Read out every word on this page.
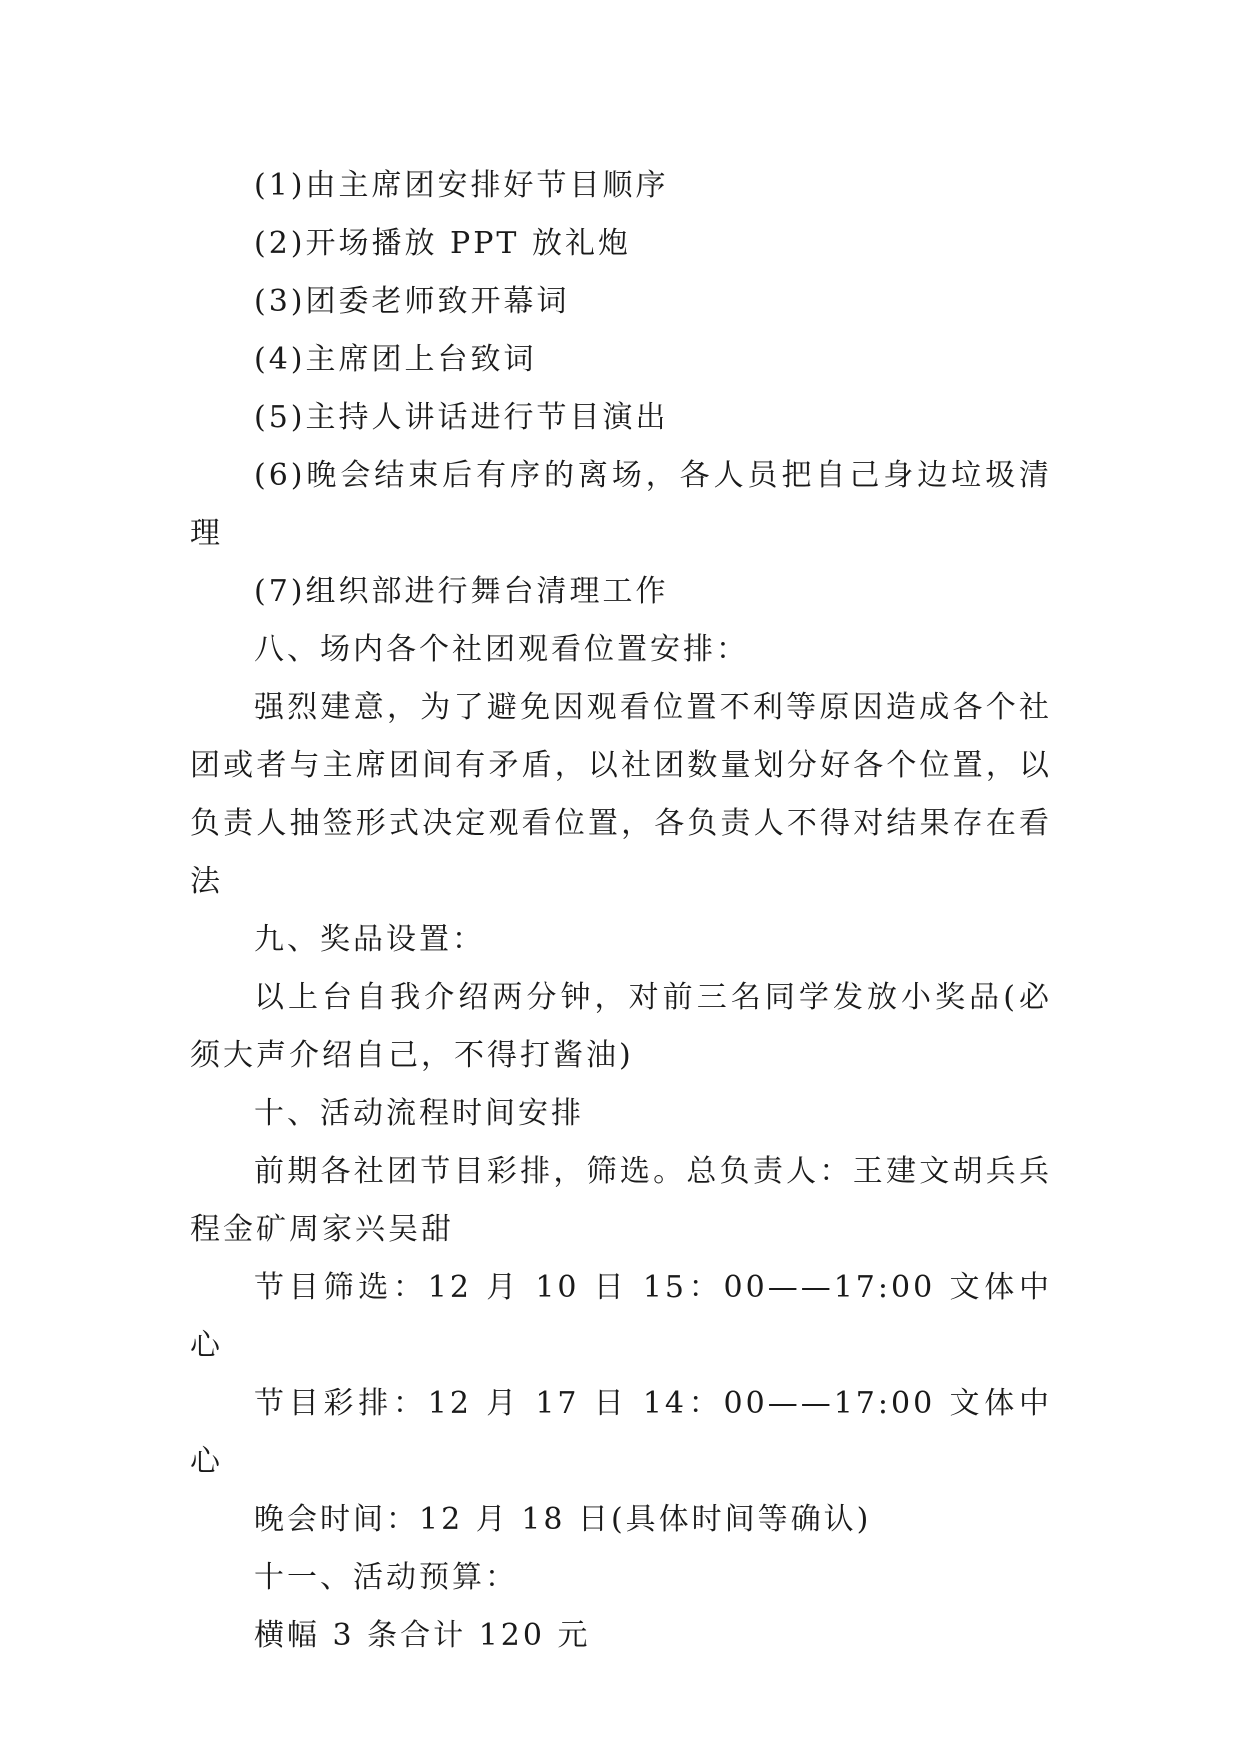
(1)由主席团安排好节目顺序

(2)开场播放 PPT 放礼炮

(3)团委老师致开幕词

(4)主席团上台致词

(5)主持人讲话进行节目演出

(6)晚会结束后有序的离场，各人员把自己身边垃圾清理

(7)组织部进行舞台清理工作

八、场内各个社团观看位置安排：

强烈建意，为了避免因观看位置不利等原因造成各个社团或者与主席团间有矛盾，以社团数量划分好各个位置，以负责人抽签形式决定观看位置，各负责人不得对结果存在看法

九、奖品设置：

以上台自我介绍两分钟，对前三名同学发放小奖品(必须大声介绍自己，不得打酱油)

十、活动流程时间安排

前期各社团节目彩排，筛选。总负责人：王建文胡兵兵程金矿周家兴吴甜

节目筛选：12 月 10 日 15：00——17:00 文体中心

节目彩排：12 月 17 日 14：00——17:00 文体中心

晚会时间：12 月 18 日(具体时间等确认)

十一、活动预算：

横幅 3 条合计 120 元
